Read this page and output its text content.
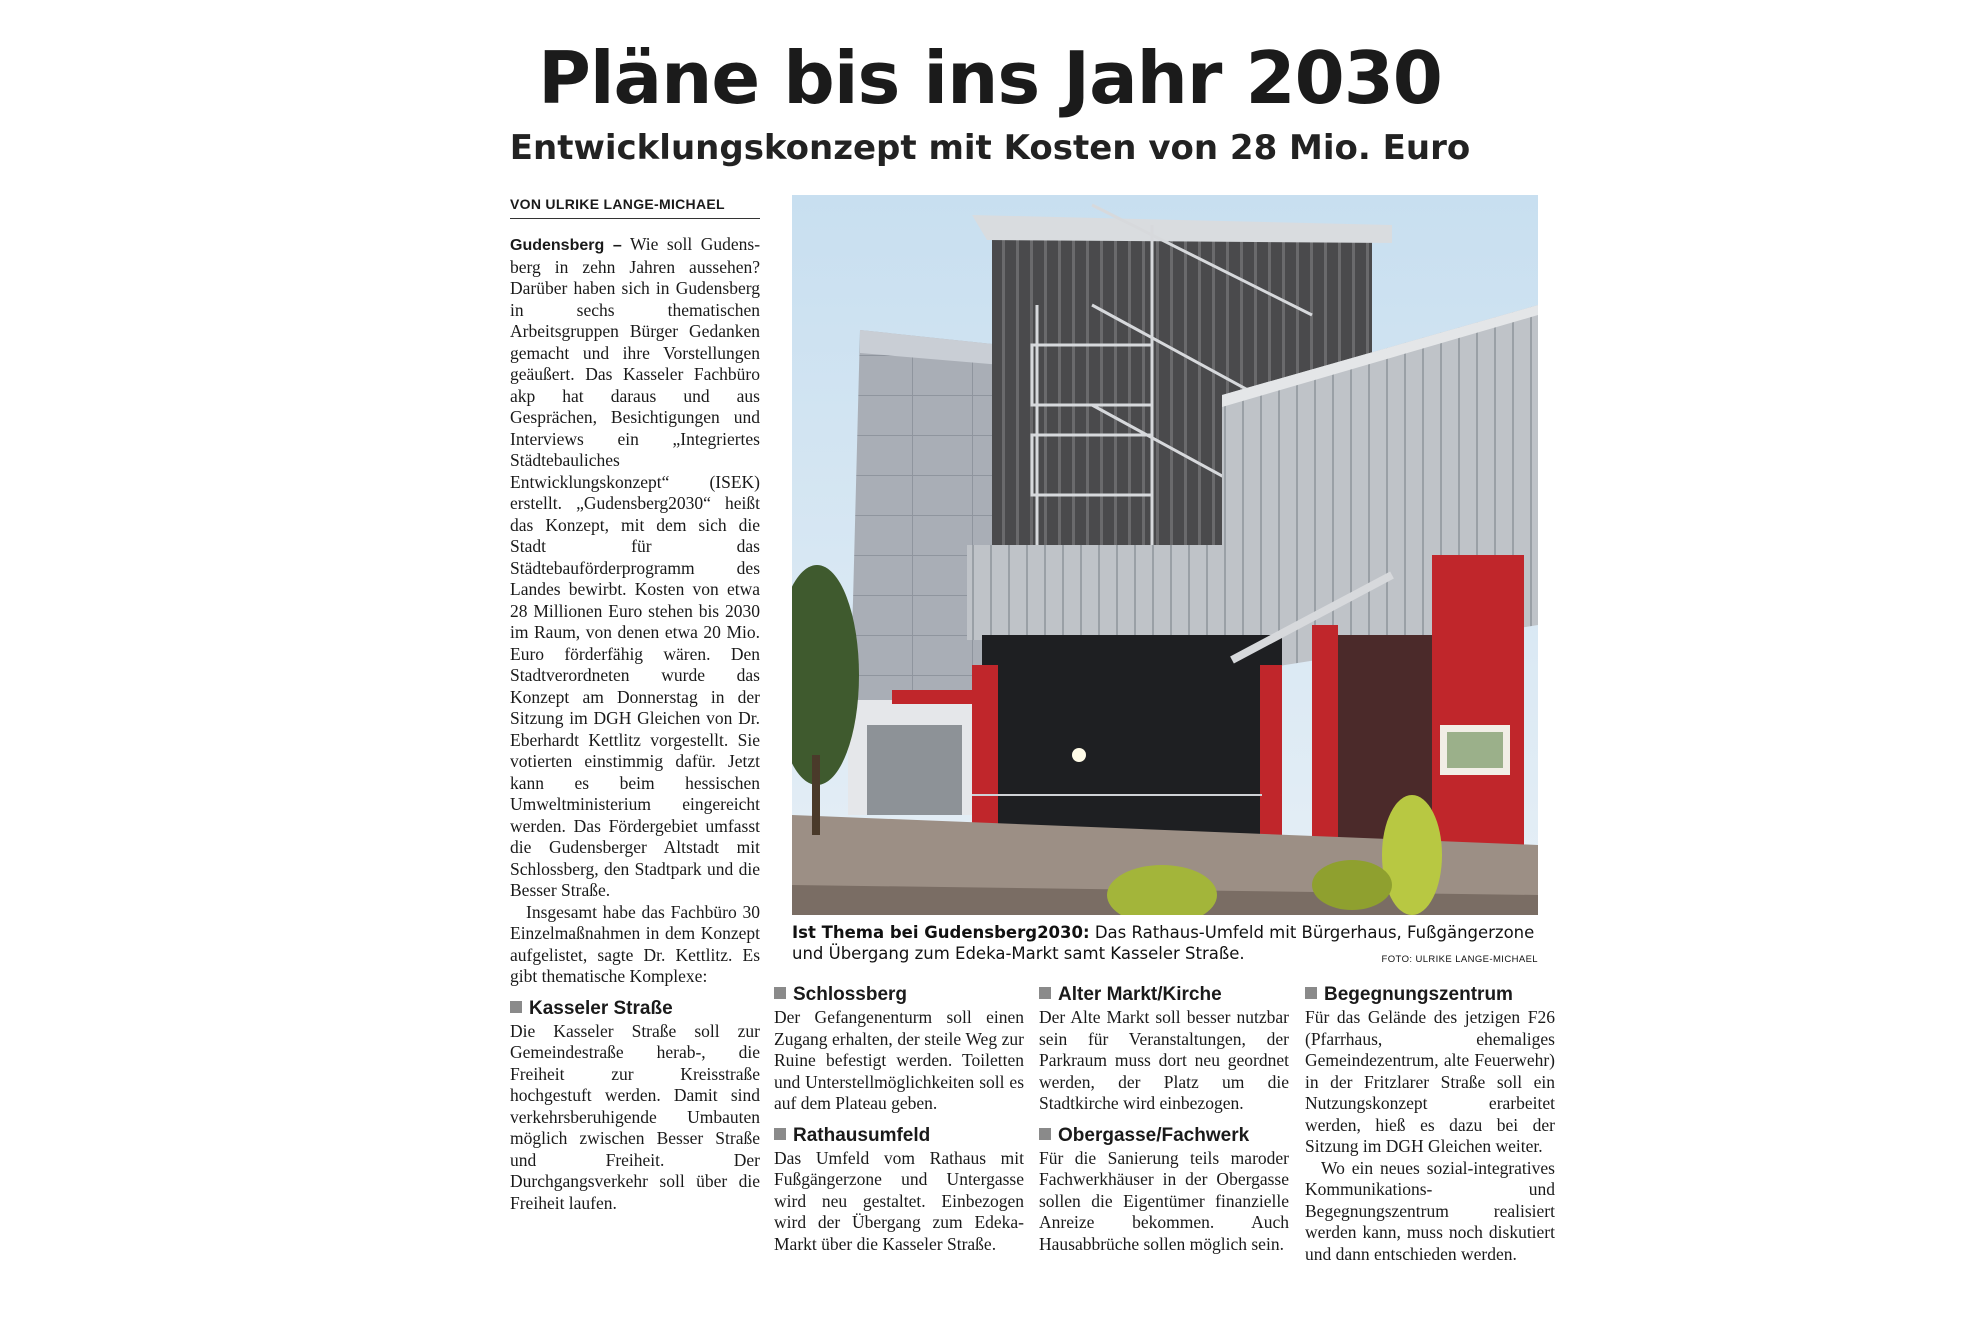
Pläne bis ins Jahr 2030
Entwicklungskonzept mit Kosten von 28 Mio. Euro
VON ULRIKE LANGE-MICHAEL

Gudensberg – Wie soll Gudensberg in zehn Jahren aussehen? Darüber haben sich in Gudensberg in sechs thematischen Arbeitsgruppen Bürger Gedanken gemacht und ihre Vorstellungen geäußert. Das Kasseler Fachbüro akp hat daraus und aus Gesprächen, Besichtigungen und Interviews ein „Integriertes Städtebauliches Entwicklungskonzept“ (ISEK) erstellt. „Gudensberg2030“ heißt das Konzept, mit dem sich die Stadt für das Städtebauförderprogramm des Landes bewirbt. Kosten von etwa 28 Millionen Euro stehen bis 2030 im Raum, von denen etwa 20 Mio. Euro förderfähig wären. Den Stadtverordneten wurde das Konzept am Donnerstag in der Sitzung im DGH Gleichen von Dr. Eberhardt Kettlitz vorgestellt. Sie votierten einstimmig dafür. Jetzt kann es beim hessischen Umweltministerium eingereicht werden. Das Fördergebiet umfasst die Gudensberger Altstadt mit Schlossberg, den Stadtpark und die Besser Straße.

Insgesamt habe das Fachbüro 30 Einzelmaßnahmen in dem Konzept aufgelistet, sagte Dr. Kettlitz. Es gibt thematische Komplexe:

Kasseler Straße

Die Kasseler Straße soll zur Gemeindestraße herab-, die Freiheit zur Kreisstraße hochgestuft werden. Damit sind verkehrsberuhigende Umbauten möglich zwischen Besser Straße und Freiheit. Der Durchgangsverkehr soll über die Freiheit laufen.

Ist Thema bei Gudensberg2030: Das Rathaus-Umfeld mit Bürgerhaus, Fußgängerzone und Übergang zum Edeka-Markt samt Kasseler Straße.	FOTO: ULRIKE LANGE-MICHAEL
Schlossberg

Der Gefangenenturm soll einen Zugang erhalten, der steile Weg zur Ruine befestigt werden. Toiletten und Unterstellmöglichkeiten soll es auf dem Plateau geben.

Rathausumfeld

Das Umfeld vom Rathaus mit Fußgängerzone und Untergasse wird neu gestaltet. Einbezogen wird der Übergang zum Edeka-Markt über die Kasseler Straße.

Alter Markt/Kirche

Der Alte Markt soll besser nutzbar sein für Veranstaltungen, der Parkraum muss dort neu geordnet werden, der Platz um die Stadtkirche wird einbezogen.

Obergasse/Fachwerk

Für die Sanierung teils maroder Fachwerkhäuser in der Obergasse sollen die Eigentümer finanzielle Anreize bekommen. Auch Hausabbrüche sollen möglich sein.

Begegnungszentrum

Für das Gelände des jetzigen F26 (Pfarrhaus, ehemaliges Gemeindezentrum, alte Feuerwehr) in der Fritzlarer Straße soll ein Nutzungskonzept erarbeitet werden, hieß es dazu bei der Sitzung im DGH Gleichen weiter.

Wo ein neues sozial-integratives Kommunikations- und Begegnungszentrum realisiert werden kann, muss noch diskutiert und dann entschieden werden.
